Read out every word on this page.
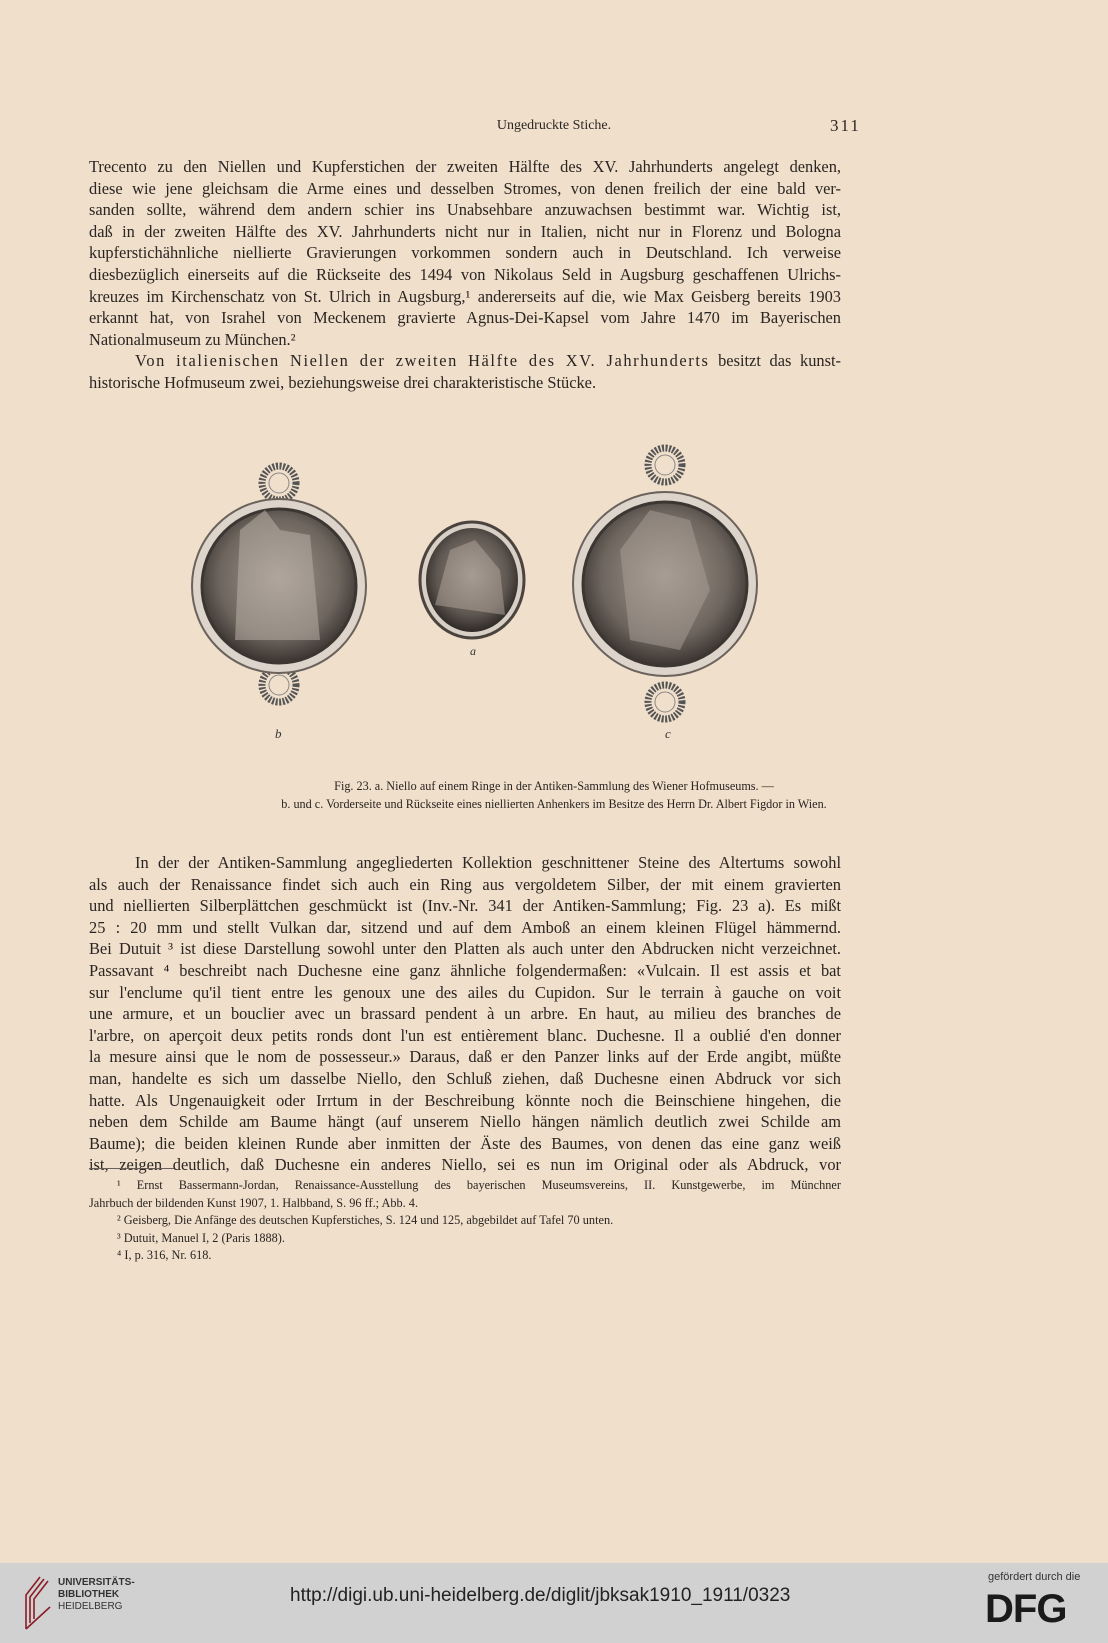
Ungedruckte Stiche.	311
Trecento zu den Niellen und Kupferstichen der zweiten Hälfte des XV. Jahrhunderts angelegt denken,
diese wie jene gleichsam die Arme eines und desselben Stromes, von denen freilich der eine bald ver-
sanden sollte, während dem andern schier ins Unabsehbare anzuwachsen bestimmt war. Wichtig ist,
daß in der zweiten Hälfte des XV. Jahrhunderts nicht nur in Italien, nicht nur in Florenz und Bologna
kupferstichähnliche niellierte Gravierungen vorkommen sondern auch in Deutschland. Ich verweise
diesbezüglich einerseits auf die Rückseite des 1494 von Nikolaus Seld in Augsburg geschaffenen Ulrichs-
kreuzes im Kirchenschatz von St. Ulrich in Augsburg,¹ andererseits auf die, wie Max Geisberg bereits 1903
erkannt hat, von Israhel von Meckenem gravierte Agnus-Dei-Kapsel vom Jahre 1470 im Bayerischen
Nationalmuseum zu München.²
Von italienischen Niellen der zweiten Hälfte des XV. Jahrhunderts besitzt das kunst-
historische Hofmuseum zwei, beziehungsweise drei charakteristische Stücke.
a
b	c
Fig. 23. a. Niello auf einem Ringe in der Antiken-Sammlung des Wiener Hofmuseums. —
b. und c. Vorderseite und Rückseite eines niellierten Anhenkers im Besitze des Herrn Dr. Albert Figdor in Wien.
In der der Antiken-Sammlung angegliederten Kollektion geschnittener Steine des Altertums sowohl
als auch der Renaissance findet sich auch ein Ring aus vergoldetem Silber, der mit einem gravierten
und niellierten Silberplättchen geschmückt ist (Inv.-Nr. 341 der Antiken-Sammlung; Fig. 23 a). Es mißt
25 : 20 mm und stellt Vulkan dar, sitzend und auf dem Amboß an einem kleinen Flügel hämmernd.
Bei Dutuit ³ ist diese Darstellung sowohl unter den Platten als auch unter den Abdrucken nicht verzeichnet.
Passavant ⁴ beschreibt nach Duchesne eine ganz ähnliche folgendermaßen: «Vulcain. Il est assis et bat
sur l'enclume qu'il tient entre les genoux une des ailes du Cupidon. Sur le terrain à gauche on voit
une armure, et un bouclier avec un brassard pendent à un arbre. En haut, au milieu des branches de
l'arbre, on aperçoit deux petits ronds dont l'un est entièrement blanc. Duchesne. Il a oublié d'en donner
la mesure ainsi que le nom de possesseur.» Daraus, daß er den Panzer links auf der Erde angibt, müßte
man, handelte es sich um dasselbe Niello, den Schluß ziehen, daß Duchesne einen Abdruck vor sich
hatte. Als Ungenauigkeit oder Irrtum in der Beschreibung könnte noch die Beinschiene hingehen, die
neben dem Schilde am Baume hängt (auf unserem Niello hängen nämlich deutlich zwei Schilde am
Baume); die beiden kleinen Runde aber inmitten der Äste des Baumes, von denen das eine ganz weiß
ist, zeigen deutlich, daß Duchesne ein anderes Niello, sei es nun im Original oder als Abdruck, vor
¹ Ernst Bassermann-Jordan, Renaissance-Ausstellung des bayerischen Museumsvereins, II. Kunstgewerbe, im Münchner
Jahrbuch der bildenden Kunst 1907, 1. Halbband, S. 96 ff.; Abb. 4.
² Geisberg, Die Anfänge des deutschen Kupferstiches, S. 124 und 125, abgebildet auf Tafel 70 unten.
³ Dutuit, Manuel I, 2 (Paris 1888).
⁴ I, p. 316, Nr. 618.
UNIVERSITÄTS-
BIBLIOTHEK
HEIDELBERG
http://digi.ub.uni-heidelberg.de/diglit/jbksak1910_1911/0323
gefördert durch die
DFG
